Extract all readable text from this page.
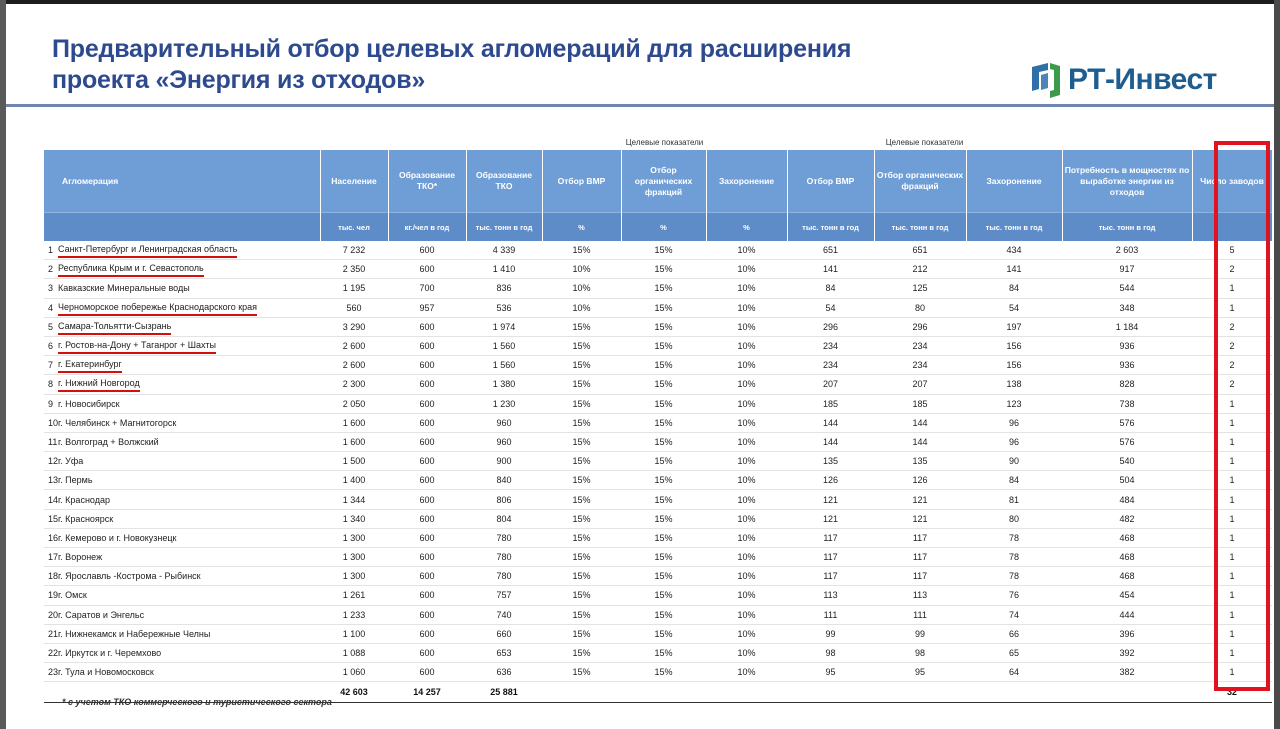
Предварительный отбор целевых агломераций для расширения
проекта «Энергия из отходов»	РТ-Инвест
					Целевые показатели			Целевые показатели				
Агломерация		Население	Образование ТКО*	Образование ТКО	Отбор ВМР	Отбор органических фракций	Захоронение	Отбор ВМР	Отбор органических фракций	Захоронение	Потребность в мощностях по выработке энергии из отходов	Число заводов
		тыс. чел	кг./чел в год	тыс. тонн в год	%	%	%	тыс. тонн в год	тыс. тонн в год	тыс. тонн в год	тыс. тонн в год	
1	Санкт-Петербург и Ленинградская область	7 232	600	4 339	15%	15%	10%	651	651	434	2 603	5
2	Республика Крым и г. Севастополь	2 350	600	1 410	10%	15%	10%	141	212	141	917	2
3	Кавказские Минеральные воды	1 195	700	836	10%	15%	10%	84	125	84	544	1
4	Черноморское побережье Краснодарского края	560	957	536	10%	15%	10%	54	80	54	348	1
5	Самара-Тольятти-Сызрань	3 290	600	1 974	15%	15%	10%	296	296	197	1 184	2
6	г. Ростов-на-Дону + Таганрог + Шахты	2 600	600	1 560	15%	15%	10%	234	234	156	936	2
7	г. Екатеринбург	2 600	600	1 560	15%	15%	10%	234	234	156	936	2
8	г. Нижний Новгород	2 300	600	1 380	15%	15%	10%	207	207	138	828	2
9	г. Новосибирск	2 050	600	1 230	15%	15%	10%	185	185	123	738	1
10	г. Челябинск + Магнитогорск	1 600	600	960	15%	15%	10%	144	144	96	576	1
11	г. Волгоград + Волжский	1 600	600	960	15%	15%	10%	144	144	96	576	1
12	г. Уфа	1 500	600	900	15%	15%	10%	135	135	90	540	1
13	г. Пермь	1 400	600	840	15%	15%	10%	126	126	84	504	1
14	г. Краснодар	1 344	600	806	15%	15%	10%	121	121	81	484	1
15	г. Красноярск	1 340	600	804	15%	15%	10%	121	121	80	482	1
16	г. Кемерово и г. Новокузнецк	1 300	600	780	15%	15%	10%	117	117	78	468	1
17	г. Воронеж	1 300	600	780	15%	15%	10%	117	117	78	468	1
18	г. Ярославль -Кострома - Рыбинск	1 300	600	780	15%	15%	10%	117	117	78	468	1
19	г. Омск	1 261	600	757	15%	15%	10%	113	113	76	454	1
20	г. Саратов и Энгельс	1 233	600	740	15%	15%	10%	111	111	74	444	1
21	г. Нижнекамск и Набережные Челны	1 100	600	660	15%	15%	10%	99	99	66	396	1
22	г. Иркутск и г. Черемхово	1 088	600	653	15%	15%	10%	98	98	65	392	1
23	г. Тула и Новомосковск	1 060	600	636	15%	15%	10%	95	95	64	382	1
		42 603	14 257	25 881								32
* с учетом ТКО коммерческого и туристического сектора
